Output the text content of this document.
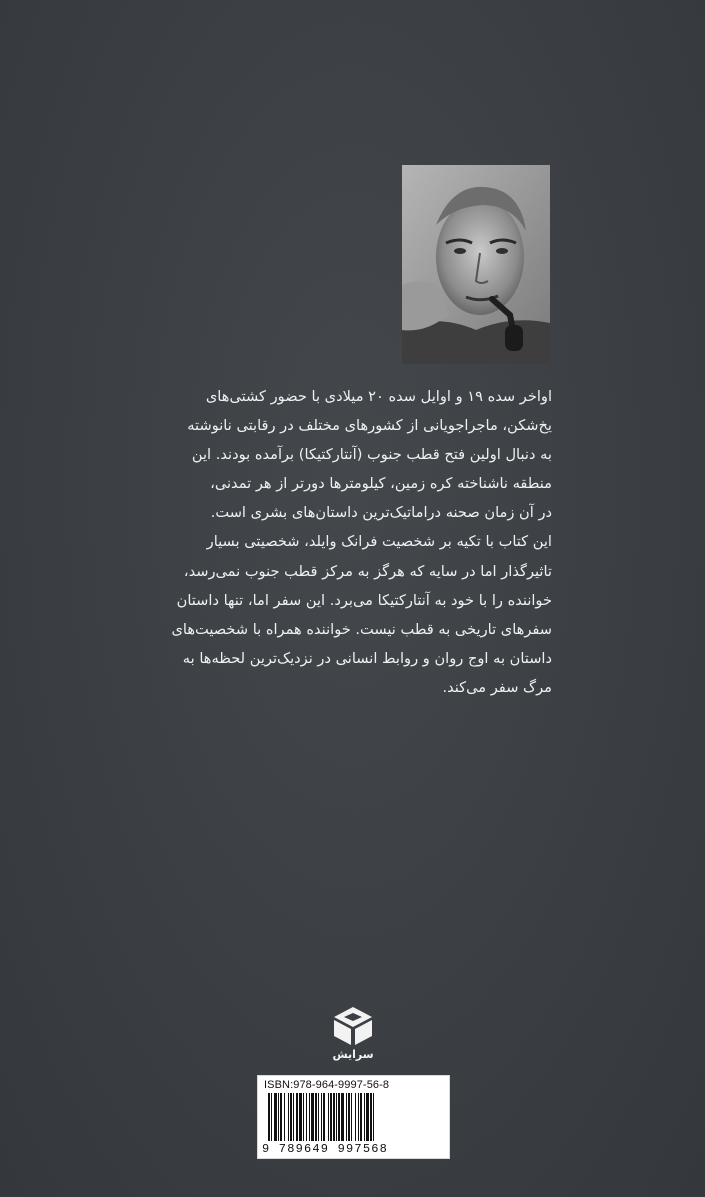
اواخر سده ۱۹ و اوایل سده ۲۰ میلادی با حضور کشتی‌های
یخ‌شکن، ماجراجویانی از کشورهای مختلف در رقابتی نانوشته
به دنبال اولین فتح قطب جنوب (آنتارکتیکا) برآمده بودند. این
منطقه ناشناخته کره زمین، کیلومترها دورتر از هر تمدنی،
در آن زمان صحنه دراماتیک‌ترین داستان‌های بشری است.
این کتاب با تکیه بر شخصیت فرانک وایلد، شخصیتی بسیار
تاثیرگذار اما در سایه که هرگز به مرکز قطب جنوب نمی‌رسد،
خواننده را با خود به آنتارکتیکا می‌برد. این سفر اما، تنها داستان
سفرهای تاریخی به قطب نیست. خواننده همراه با شخصیت‌های
داستان به اوج روان و روابط انسانی در نزدیک‌ترین لحظه‌ها به
مرگ سفر می‌کند.
سرایش
ISBN:978-964-9997-56-8
9 789649 997568
